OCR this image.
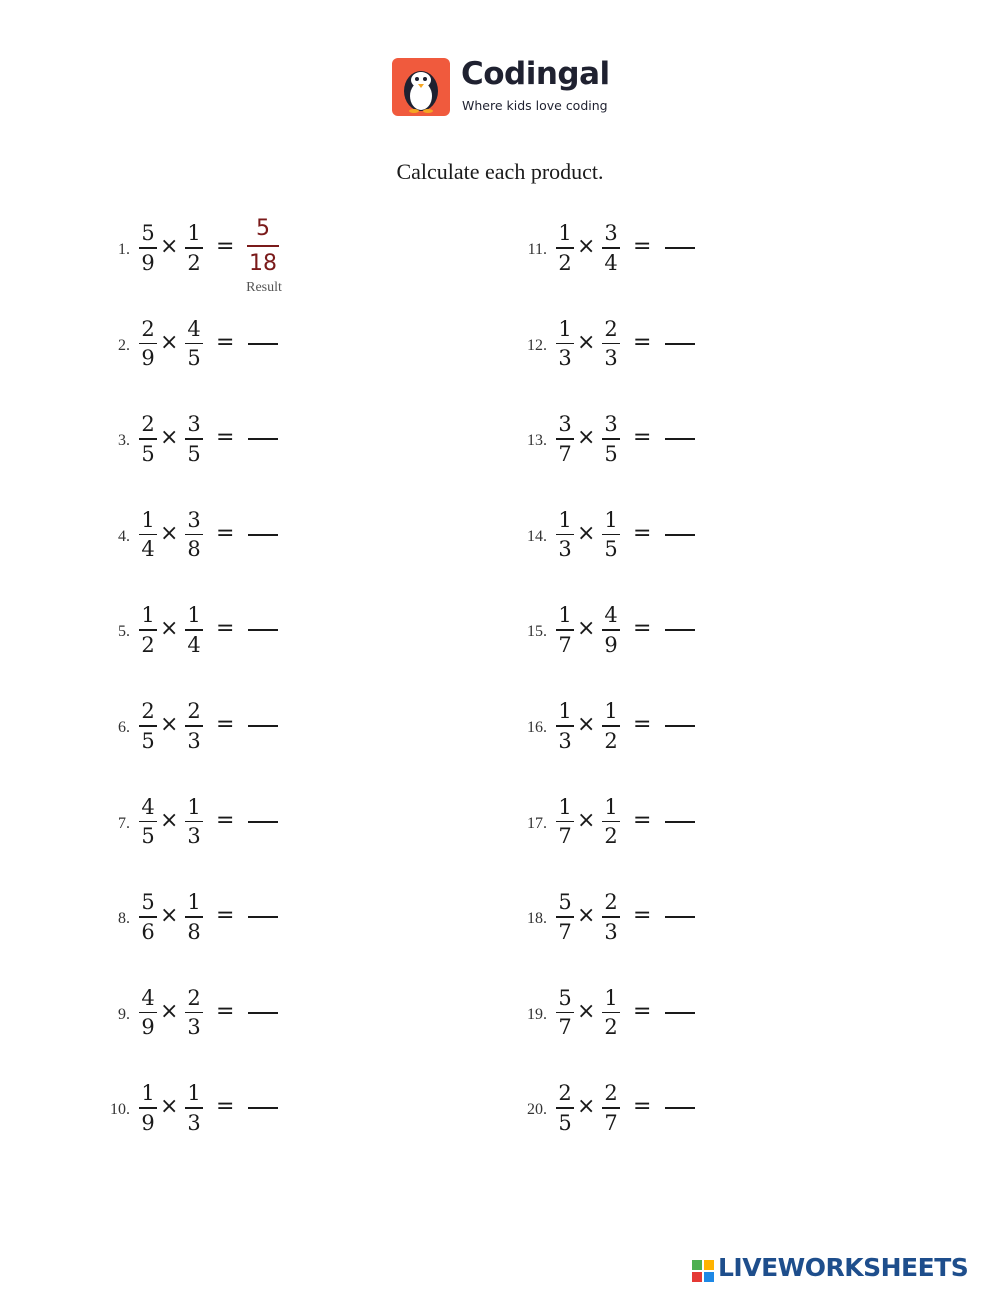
Codingal
Where kids love coding
Calculate each product.
1.
5
9
×
1
2
=
5
18
Result
2.
2
9
×
4
5
=
3.
2
5
×
3
5
=
4.
1
4
×
3
8
=
5.
1
2
×
1
4
=
6.
2
5
×
2
3
=
7.
4
5
×
1
3
=
8.
5
6
×
1
8
=
9.
4
9
×
2
3
=
10.
1
9
×
1
3
=
11.
1
2
×
3
4
=
12.
1
3
×
2
3
=
13.
3
7
×
3
5
=
14.
1
3
×
1
5
=
15.
1
7
×
4
9
=
16.
1
3
×
1
2
=
17.
1
7
×
1
2
=
18.
5
7
×
2
3
=
19.
5
7
×
1
2
=
20.
2
5
×
2
7
=
LIVEWORKSHEETS
